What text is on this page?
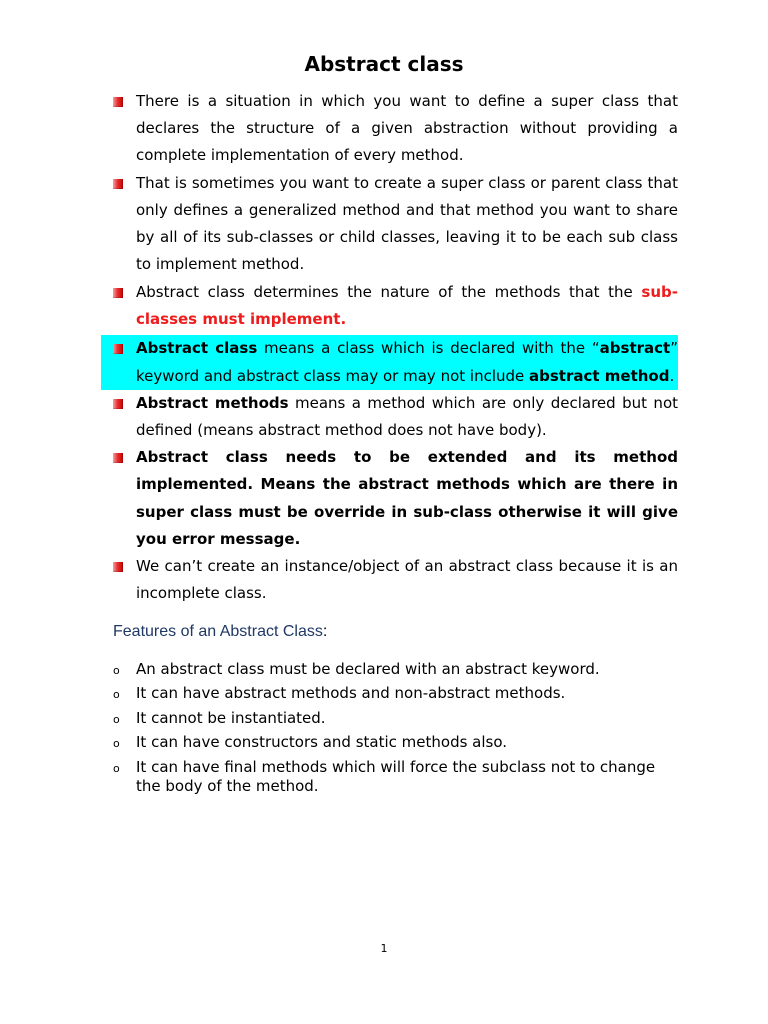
Abstract class
There is a situation in which you want to define a super class that declares the structure of a given abstraction without providing a complete implementation of every method.
That is sometimes you want to create a super class or parent class that only defines a generalized method and that method you want to share by all of its sub-classes or child classes, leaving it to be each sub class to implement method.
Abstract class determines the nature of the methods that the sub-classes must implement.
Abstract class means a class which is declared with the “abstract” keyword and abstract class may or may not include abstract method.
Abstract methods means a method which are only declared but not defined (means abstract method does not have body).
Abstract class needs to be extended and its method implemented. Means the abstract methods which are there in super class must be override in sub-class otherwise it will give you error message.
We can’t create an instance/object of an abstract class because it is an incomplete class.
Features of an Abstract Class:
o An abstract class must be declared with an abstract keyword.
o It can have abstract methods and non-abstract methods.
o It cannot be instantiated.
o It can have constructors and static methods also.
o It can have final methods which will force the subclass not to change the body of the method.
1
